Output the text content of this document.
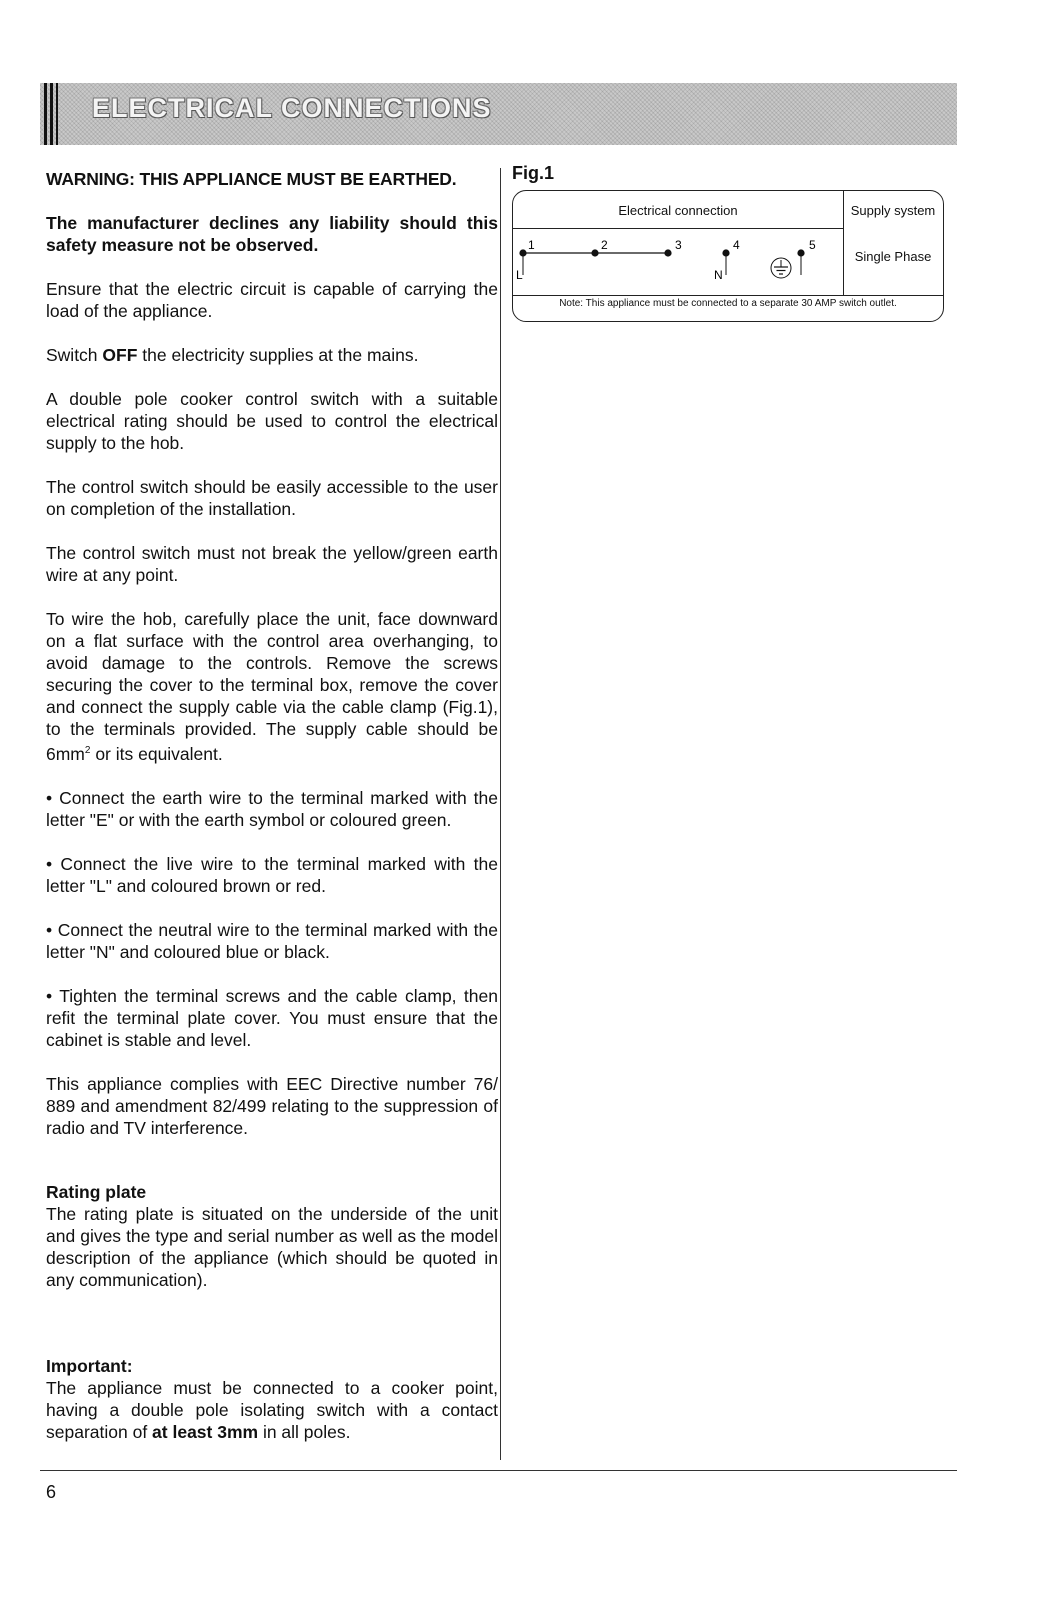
ELECTRICAL CONNECTIONS

WARNING: THIS APPLIANCE MUST BE EARTHED.

The manufacturer declines any liability should this safety measure not be observed.

Ensure that the electric circuit is capable of carrying the load of the appliance.

Switch OFF the electricity supplies at the mains.

A double pole cooker control switch with a suitable electrical rating should be used to control the electrical supply to the hob.

The control switch should be easily accessible to the user on completion of the installation.

The control switch must not break the yellow/green earth wire at any point.

To wire the hob, carefully place the unit, face downward on a flat surface with the control area overhanging, to avoid damage to the controls. Remove the screws securing the cover to the terminal box, remove the cover and connect the supply cable via the cable clamp (Fig.1), to the terminals provided. The supply cable should be $6mm^2$ or its equivalent.

• Connect the earth wire to the terminal marked with the letter "E" or with the earth symbol or coloured green.

• Connect the live wire to the terminal marked with the letter "L" and coloured brown or red.

• Connect the neutral wire to the terminal marked with the letter "N" and coloured blue or black.

• Tighten the terminal screws and the cable clamp, then refit the terminal plate cover. You must ensure that the cabinet is stable and level.

This appliance complies with EEC Directive number 76/ 889 and amendment 82/499 relating to the suppression of radio and TV interference.

Rating plate
The rating plate is situated on the underside of the unit and gives the type and serial number as well as the model description of the appliance (which should be quoted in any communication).

Important:
The appliance must be connected to a cooker point, having a double pole isolating switch with a contact separation of at least 3mm in all poles.

Fig.1
Electrical connection	Supply system
Single Phase
1
L
2	3	4
N
5
Note: This appliance must be connected to a separate 30 AMP switch outlet.
6
